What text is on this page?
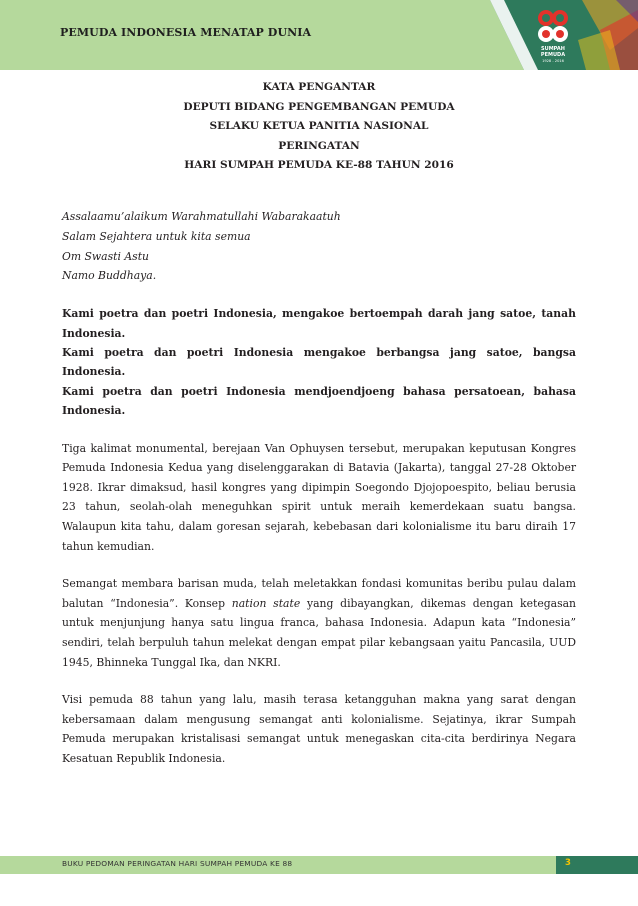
PEMUDA INDONESIA MENATAP DUNIA
SUMPAH
PEMUDA
1928 - 2016
KATA PENGANTAR
DEPUTI BIDANG PENGEMBANGAN PEMUDA
SELAKU KETUA PANITIA NASIONAL
PERINGATAN
HARI SUMPAH PEMUDA KE-88 TAHUN 2016
Assalaamu’alaikum Warahmatullahi Wabarakaatuh
Salam Sejahtera untuk kita semua
Om Swasti Astu
Namo Buddhaya.
Kami poetra dan poetri Indonesia, mengakoe bertoempah darah jang satoe, tanah Indonesia.
Kami poetra dan poetri Indonesia mengakoe berbangsa jang satoe, bangsa Indonesia.
Kami poetra dan poetri Indonesia mendjoendjoeng bahasa persatoean, bahasa Indonesia.
Tiga kalimat monumental, berejaan Van Ophuysen tersebut, merupakan keputusan Kongres Pemuda Indonesia Kedua yang diselenggarakan di Batavia (Jakarta), tanggal 27-28 Oktober 1928. Ikrar dimaksud, hasil kongres yang dipimpin Soegondo Djojopoespito, beliau berusia 23 tahun, seolah-olah meneguhkan spirit untuk meraih kemerdekaan suatu bangsa. Walaupun kita tahu, dalam goresan sejarah, kebebasan dari kolonialisme itu baru diraih 17 tahun kemudian.
Semangat membara barisan muda, telah meletakkan fondasi komunitas beribu pulau dalam balutan “Indonesia”. Konsep nation state yang dibayangkan, dikemas dengan ketegasan untuk menjunjung hanya satu lingua franca, bahasa Indonesia. Adapun kata “Indonesia” sendiri, telah berpuluh tahun melekat dengan empat pilar kebangsaan yaitu Pancasila, UUD 1945, Bhinneka Tunggal Ika, dan NKRI.
Visi pemuda 88 tahun yang lalu, masih terasa ketangguhan makna yang sarat dengan kebersamaan dalam mengusung semangat anti kolonialisme. Sejatinya, ikrar Sumpah Pemuda merupakan kristalisasi semangat untuk menegaskan cita-cita berdirinya Negara Kesatuan Republik Indonesia.
BUKU PEDOMAN PERINGATAN HARI SUMPAH PEMUDA KE 88	3
